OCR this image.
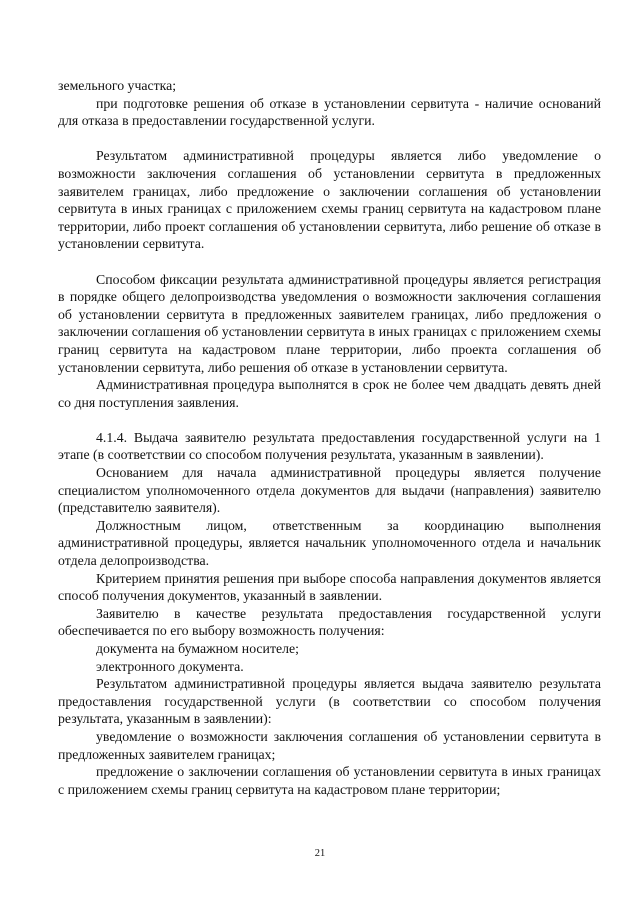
земельного участка;

при подготовке решения об отказе в установлении сервитута - наличие оснований для отказа в предоставлении государственной услуги.

Результатом административной процедуры является либо уведомление о возможности заключения соглашения об установлении сервитута в предложенных заявителем границах, либо предложение о заключении соглашения об установлении сервитута в иных границах с приложением схемы границ сервитута на кадастровом плане территории, либо проект соглашения об установлении сервитута, либо решение об отказе в установлении сервитута.

Способом фиксации результата административной процедуры является регистрация в порядке общего делопроизводства уведомления о возможности заключения соглашения об установлении сервитута в предложенных заявителем границах, либо предложения о заключении соглашения об установлении сервитута в иных границах с приложением схемы границ сервитута на кадастровом плане территории, либо проекта соглашения об установлении сервитута, либо решения об отказе в установлении сервитута.

Административная процедура выполнятся в срок не более чем двадцать девять дней со дня поступления заявления.

4.1.4. Выдача заявителю результата предоставления государственной услуги на 1 этапе (в соответствии со способом получения результата, указанным в заявлении).

Основанием для начала административной процедуры является получение специалистом уполномоченного отдела документов для выдачи (направления) заявителю (представителю заявителя).

Должностным лицом, ответственным за координацию выполнения административной процедуры, является начальник уполномоченного отдела и начальник отдела делопроизводства.

Критерием принятия решения при выборе способа направления документов является способ получения документов, указанный в заявлении.

Заявителю в качестве результата предоставления государственной услуги обеспечивается по его выбору возможность получения:

документа на бумажном носителе;

электронного документа.

Результатом административной процедуры является выдача заявителю результата предоставления государственной услуги (в соответствии со способом получения результата, указанным в заявлении):

уведомление о возможности заключения соглашения об установлении сервитута в предложенных заявителем границах;

предложение о заключении соглашения об установлении сервитута в иных границах с приложением схемы границ сервитута на кадастровом плане территории;

21
